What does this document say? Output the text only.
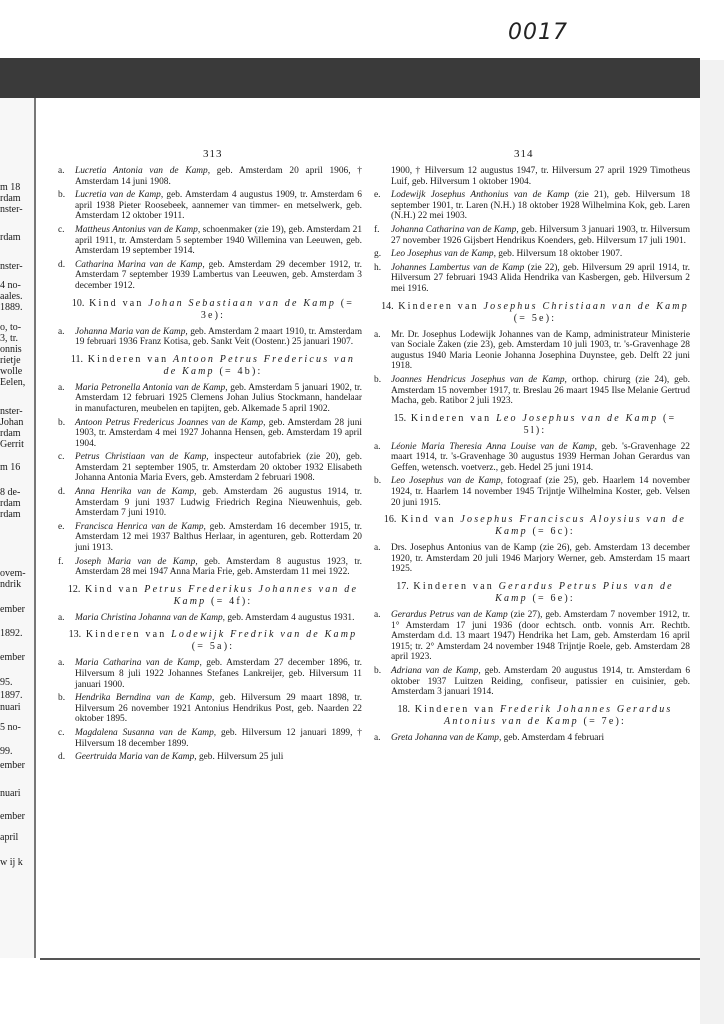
m 18
rdam
nster-
rdam
nster-
4 no-
aales.
1889.
o, to-
3, tr.
onnis
rietje
wolle
Eelen,
nster-
Johan
rdam
Gerrit
m 16
8 de-
rdam
rdam
ovem-
ndrik
ember
1892.
ember
95.
1897.
nuari
5 no-
99.
ember
nuari
ember
april
w ij k
0017
313	314
a. Lucretia Antonia van de Kamp, geb. Amsterdam 20 april 1906, † Amsterdam 14 juni 1908.
b. Lucretia van de Kamp, geb. Amsterdam 4 augustus 1909, tr. Amsterdam 6 april 1938 Pieter Roosebeek, aannemer van timmer- en metselwerk, geb. Amsterdam 12 oktober 1911.
c. Mattheus Antonius van de Kamp, schoenmaker (zie 19), geb. Amsterdam 21 april 1911, tr. Amsterdam 5 september 1940 Willemina van Leeuwen, geb. Amsterdam 19 september 1914.
d. Catharina Marina van de Kamp, geb. Amsterdam 29 december 1912, tr. Amsterdam 7 september 1939 Lambertus van Leeuwen, geb. Amsterdam 3 december 1912.
10. Kind van Johan Sebastiaan van de Kamp (= 3e):
a. Johanna Maria van de Kamp, geb. Amsterdam 2 maart 1910, tr. Amsterdam 19 februari 1936 Franz Kotisa, geb. Sankt Veit (Oostenr.) 25 januari 1907.
11. Kinderen van Antoon Petrus Fredericus van de Kamp (= 4b):
a. Maria Petronella Antonia van de Kamp, geb. Amsterdam 5 januari 1902, tr. Amsterdam 12 februari 1925 Clemens Johan Julius Stockmann, handelaar in manufacturen, meubelen en tapijten, geb. Alkemade 5 april 1902.
b. Antoon Petrus Fredericus Joannes van de Kamp, geb. Amsterdam 28 juni 1903, tr. Amsterdam 4 mei 1927 Johanna Hensen, geb. Amsterdam 19 april 1904.
c. Petrus Christiaan van de Kamp, inspecteur autofabriek (zie 20), geb. Amsterdam 21 september 1905, tr. Amsterdam 20 oktober 1932 Elisabeth Johanna Antonia Maria Evers, geb. Amsterdam 2 februari 1908.
d. Anna Henrika van de Kamp, geb. Amsterdam 26 augustus 1914, tr. Amsterdam 9 juni 1937 Ludwig Friedrich Regina Nieuwenhuis, geb. Amsterdam 7 juni 1910.
e. Francisca Henrica van de Kamp, geb. Amsterdam 16 december 1915, tr. Amsterdam 12 mei 1937 Balthus Herlaar, in agenturen, geb. Rotterdam 20 juni 1913.
f. Joseph Maria van de Kamp, geb. Amsterdam 8 augustus 1923, tr. Amsterdam 28 mei 1947 Anna Maria Frie, geb. Amsterdam 11 mei 1922.
12. Kind van Petrus Frederikus Johannes van de Kamp (= 4f):
a. Maria Christina Johanna van de Kamp, geb. Amsterdam 4 augustus 1931.
13. Kinderen van Lodewijk Fredrik van de Kamp (= 5a):
a. Maria Catharina van de Kamp, geb. Amsterdam 27 december 1896, tr. Hilversum 8 juli 1922 Johannes Stefanes Lankreijer, geb. Hilversum 11 januari 1900.
b. Hendrika Berndina van de Kamp, geb. Hilversum 29 maart 1898, tr. Hilversum 26 november 1921 Antonius Hendrikus Post, geb. Naarden 22 oktober 1895.
c. Magdalena Susanna van de Kamp, geb. Hilversum 12 januari 1899, † Hilversum 18 december 1899.
d. Geertruida Maria van de Kamp, geb. Hilversum 25 juli
1900, † Hilversum 12 augustus 1947, tr. Hilversum 27 april 1929 Timotheus Luif, geb. Hilversum 1 oktober 1904.
e. Lodewijk Josephus Anthonius van de Kamp (zie 21), geb. Hilversum 18 september 1901, tr. Laren (N.H.) 18 oktober 1928 Wilhelmina Kok, geb. Laren (N.H.) 22 mei 1903.
f. Johanna Catharina van de Kamp, geb. Hilversum 3 januari 1903, tr. Hilversum 27 november 1926 Gijsbert Hendrikus Koenders, geb. Hilversum 17 juli 1901.
g. Leo Josephus van de Kamp, geb. Hilversum 18 oktober 1907.
h. Johannes Lambertus van de Kamp (zie 22), geb. Hilversum 29 april 1914, tr. Hilversum 27 februari 1943 Alida Hendrika van Kasbergen, geb. Hilversum 2 mei 1916.
14. Kinderen van Josephus Christiaan van de Kamp (= 5e):
a. Mr. Dr. Josephus Lodewijk Johannes van de Kamp, administrateur Ministerie van Sociale Zaken (zie 23), geb. Amsterdam 10 juli 1903, tr. 's-Gravenhage 28 augustus 1940 Maria Leonie Johanna Josephina Duynstee, geb. Delft 22 juni 1918.
b. Joannes Hendricus Josephus van de Kamp, orthop. chirurg (zie 24), geb. Amsterdam 15 november 1917, tr. Breslau 26 maart 1945 Ilse Melanie Gertrud Macha, geb. Ratibor 2 juli 1923.
15. Kinderen van Leo Josephus van de Kamp (= 5l):
a. Léonie Maria Theresia Anna Louise van de Kamp, geb. 's-Gravenhage 22 maart 1914, tr. 's-Gravenhage 30 augustus 1939 Herman Johan Gerardus van Geffen, wetensch. voetverz., geb. Hedel 25 juni 1914.
b. Leo Josephus van de Kamp, fotograaf (zie 25), geb. Haarlem 14 november 1924, tr. Haarlem 14 november 1945 Trijntje Wilhelmina Koster, geb. Velsen 20 juni 1915.
16. Kind van Josephus Franciscus Aloysius van de Kamp (= 6c):
a. Drs. Josephus Antonius van de Kamp (zie 26), geb. Amsterdam 13 december 1920, tr. Amsterdam 20 juli 1946 Marjory Werner, geb. Amsterdam 15 maart 1925.
17. Kinderen van Gerardus Petrus Pius van de Kamp (= 6e):
a. Gerardus Petrus van de Kamp (zie 27), geb. Amsterdam 7 november 1912, tr. 1° Amsterdam 17 juni 1936 (door echtsch. ontb. vonnis Arr. Rechtb. Amsterdam d.d. 13 maart 1947) Hendrika het Lam, geb. Amsterdam 16 april 1915; tr. 2° Amsterdam 24 november 1948 Trijntje Roele, geb. Amsterdam 28 april 1923.
b. Adriana van de Kamp, geb. Amsterdam 20 augustus 1914, tr. Amsterdam 6 oktober 1937 Luitzen Reiding, confiseur, patissier en cuisinier, geb. Amsterdam 3 januari 1914.
18. Kinderen van Frederik Johannes Gerardus Antonius van de Kamp (= 7e):
a. Greta Johanna van de Kamp, geb. Amsterdam 4 februari
